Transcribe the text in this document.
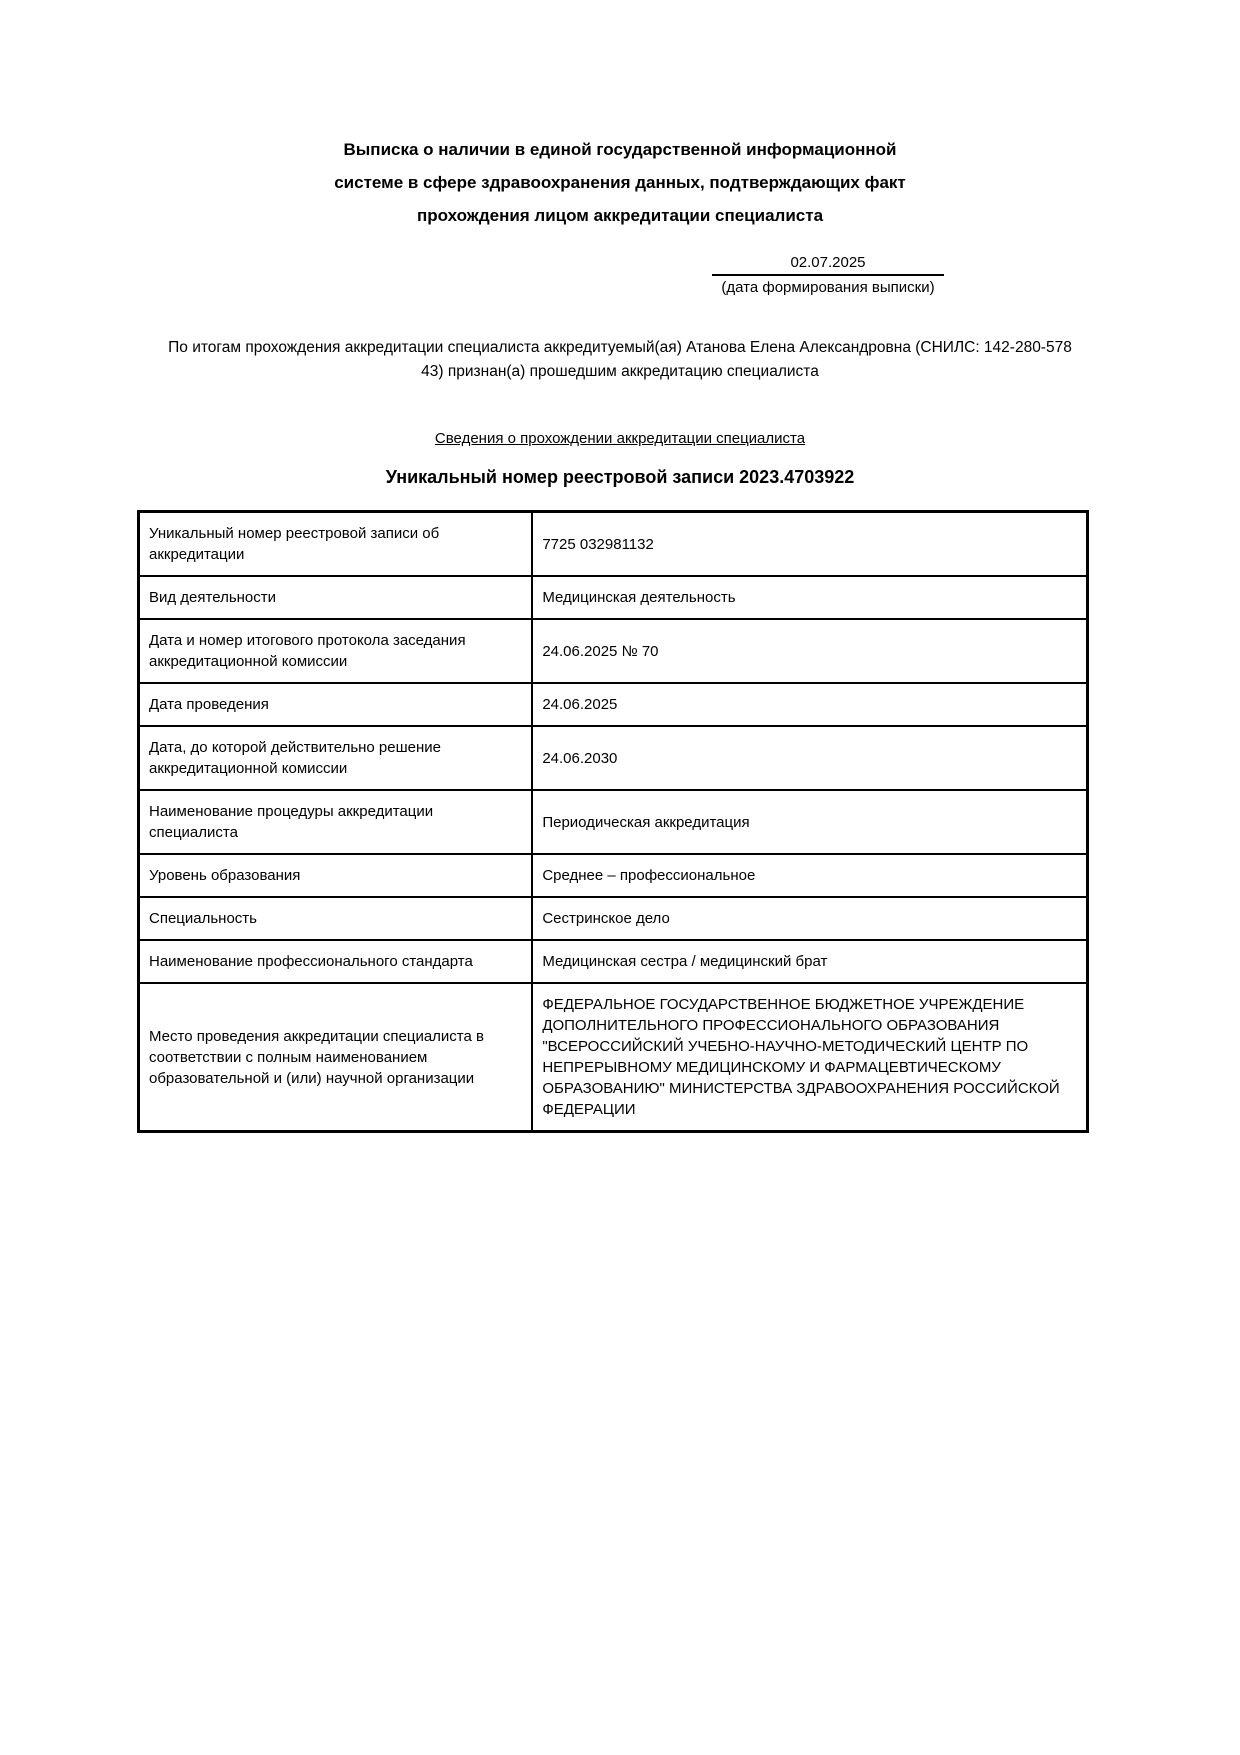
Выписка о наличии в единой государственной информационной
системе в сфере здравоохранения данных, подтверждающих факт
прохождения лицом аккредитации специалиста
02.07.2025
(дата формирования выписки)
По итогам прохождения аккредитации специалиста аккредитуемый(ая) Атанова Елена Александровна (СНИЛС: 142-280-578
43) признан(а) прошедшим аккредитацию специалиста
Сведения о прохождении аккредитации специалиста
Уникальный номер реестровой записи 2023.4703922
Уникальный номер реестровой записи об аккредитации	7725 032981132
Вид деятельности	Медицинская деятельность
Дата и номер итогового протокола заседания аккредитационной комиссии	24.06.2025 № 70
Дата проведения	24.06.2025
Дата, до которой действительно решение аккредитационной комиссии	24.06.2030
Наименование процедуры аккредитации специалиста	Периодическая аккредитация
Уровень образования	Среднее – профессиональное
Специальность	Сестринское дело
Наименование профессионального стандарта	Медицинская сестра / медицинский брат
Место проведения аккредитации специалиста в соответствии с полным наименованием образовательной и (или) научной организации	ФЕДЕРАЛЬНОЕ ГОСУДАРСТВЕННОЕ БЮДЖЕТНОЕ УЧРЕЖДЕНИЕ ДОПОЛНИТЕЛЬНОГО ПРОФЕССИОНАЛЬНОГО ОБРАЗОВАНИЯ "ВСЕРОССИЙСКИЙ УЧЕБНО-НАУЧНО-МЕТОДИЧЕСКИЙ ЦЕНТР ПО НЕПРЕРЫВНОМУ МЕДИЦИНСКОМУ И ФАРМАЦЕВТИЧЕСКОМУ ОБРАЗОВАНИЮ" МИНИСТЕРСТВА ЗДРАВООХРАНЕНИЯ РОССИЙСКОЙ ФЕДЕРАЦИИ
